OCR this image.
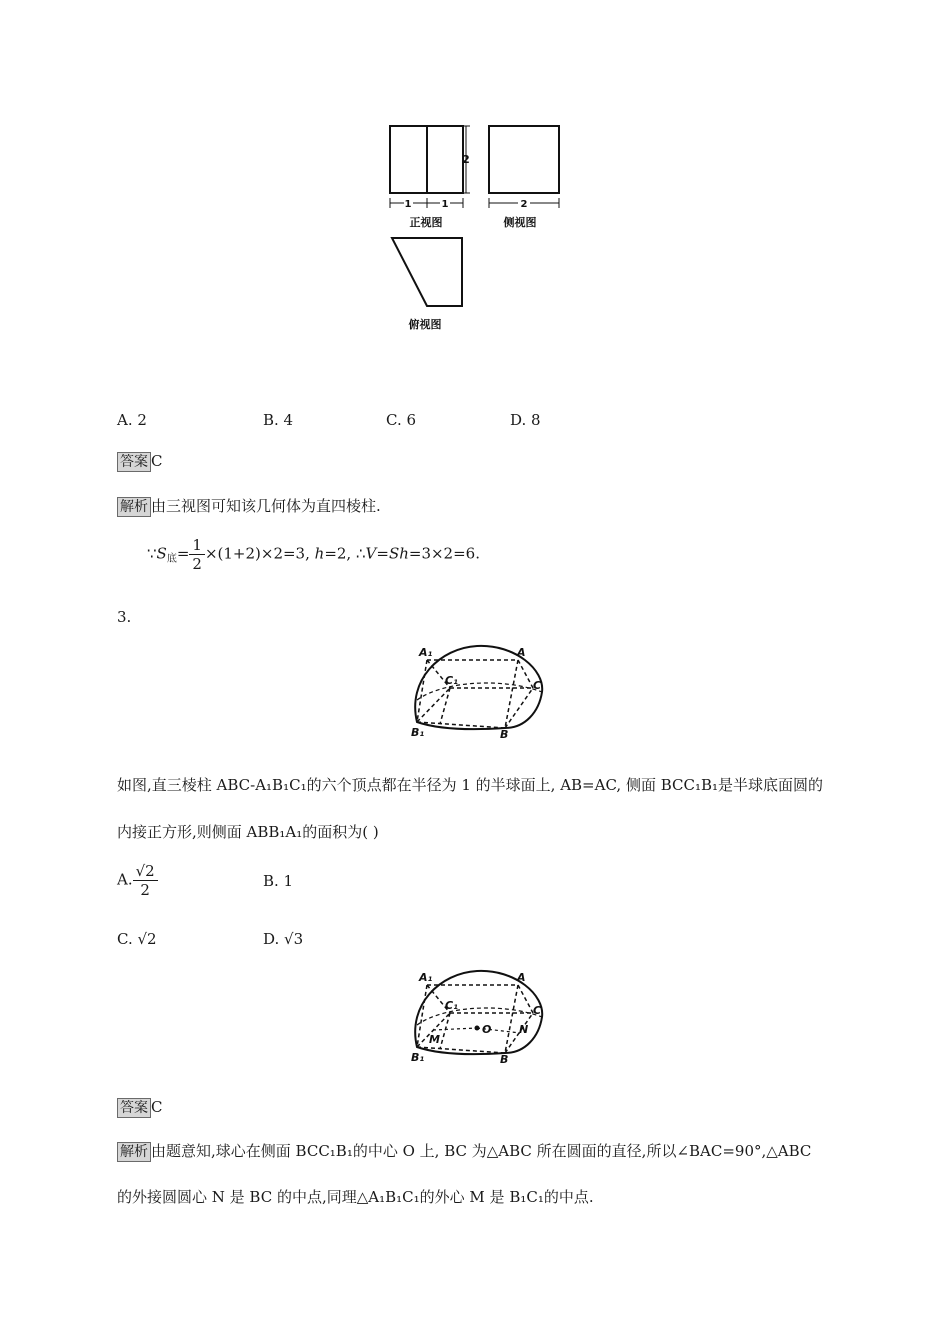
2
1	1
正视图
2
侧视图
俯视图
A. 2	B. 4	C. 6	D. 8
答案 C
解析 由三视图可知该几何体为直四棱柱.
$\because S_底= \frac{1}{2} \times(1+2)\times 2=3$, h=2, ∴V=Sh=3×2=6.
3.
A₁	A
C₁	C
B₁	B
如图,直三棱柱 ABC-A₁B₁C₁的六个顶点都在半径为 1 的半球面上, AB=AC, 侧面 BCC₁B₁是半球底面圆的
内接正方形,则侧面 ABB₁A₁的面积为( )
A. $\frac{√2}{2}$	B. 1
C. √2	D. √3
A₁	A
C₁	C
O
M
N
B₁	B
答案 C
解析 由题意知,球心在侧面 BCC₁B₁的中心 O 上, BC 为△ABC 所在圆面的直径,所以∠BAC=90°,△ABC
的外接圆圆心 N 是 BC 的中点,同理△A₁B₁C₁的外心 M 是 B₁C₁的中点.
